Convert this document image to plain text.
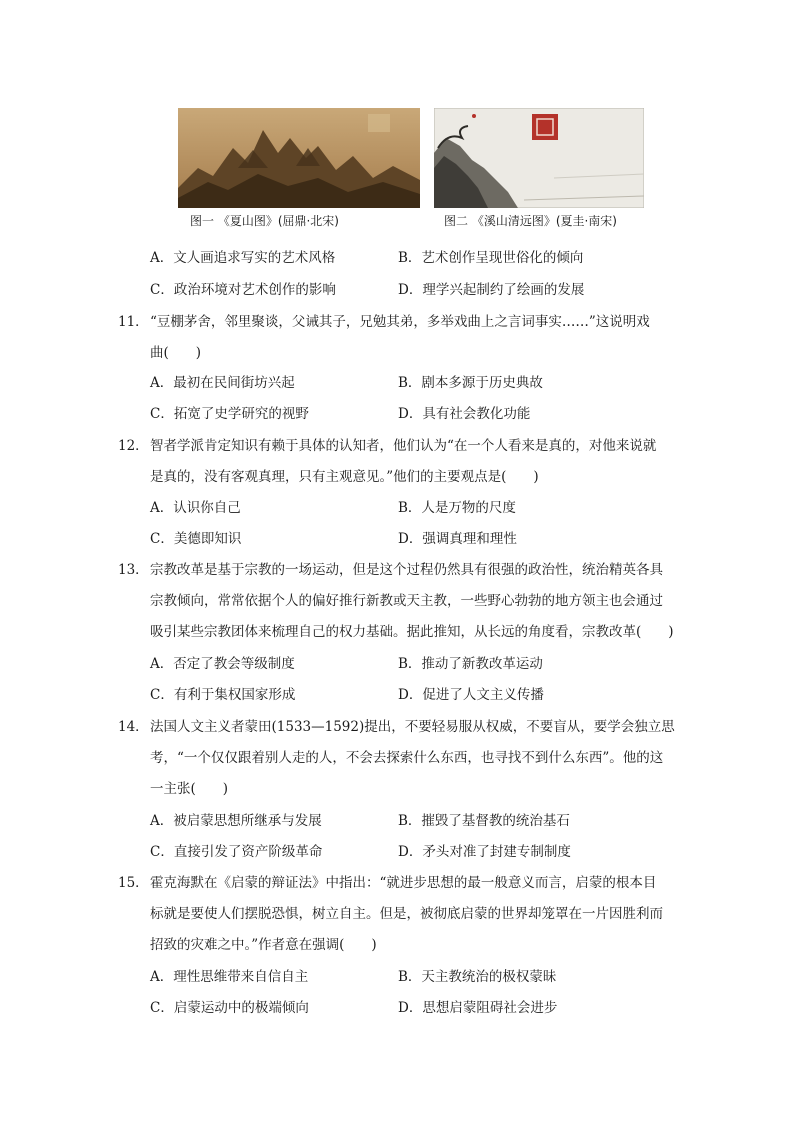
图一 《夏山图》(屈鼎·北宋)	图二 《溪山清远图》(夏圭·南宋)
A．文人画追求写实的艺术风格	B．艺术创作呈现世俗化的倾向
C．政治环境对艺术创作的影响	D．理学兴起制约了绘画的发展
11． “豆棚茅舍，邻里聚谈，父诫其子，兄勉其弟，多举戏曲上之言词事实……”这说明戏
曲(　　)
A．最初在民间街坊兴起	B．剧本多源于历史典故
C．拓宽了史学研究的视野	D．具有社会教化功能
12． 智者学派肯定知识有赖于具体的认知者，他们认为“在一个人看来是真的，对他来说就
是真的，没有客观真理，只有主观意见。”他们的主要观点是(　　)
A．认识你自己	B．人是万物的尺度
C．美德即知识	D．强调真理和理性
13． 宗教改革是基于宗教的一场运动，但是这个过程仍然具有很强的政治性，统治精英各具
宗教倾向，常常依据个人的偏好推行新教或天主教，一些野心勃勃的地方领主也会通过
吸引某些宗教团体来梳理自己的权力基础。据此推知，从长远的角度看，宗教改革(　　)
A．否定了教会等级制度	B．推动了新教改革运动
C．有利于集权国家形成	D．促进了人文主义传播
14． 法国人文主义者蒙田(1533—1592)提出，不要轻易服从权威，不要盲从，要学会独立思
考，“一个仅仅跟着别人走的人，不会去探索什么东西，也寻找不到什么东西”。他的这
一主张(　　)
A．被启蒙思想所继承与发展	B．摧毁了基督教的统治基石
C．直接引发了资产阶级革命	D．矛头对准了封建专制制度
15． 霍克海默在《启蒙的辩证法》中指出：“就进步思想的最一般意义而言，启蒙的根本目
标就是要使人们摆脱恐惧，树立自主。但是，被彻底启蒙的世界却笼罩在一片因胜利而
招致的灾难之中。”作者意在强调(　　)
A．理性思维带来自信自主	B．天主教统治的极权蒙昧
C．启蒙运动中的极端倾向	D．思想启蒙阻碍社会进步
